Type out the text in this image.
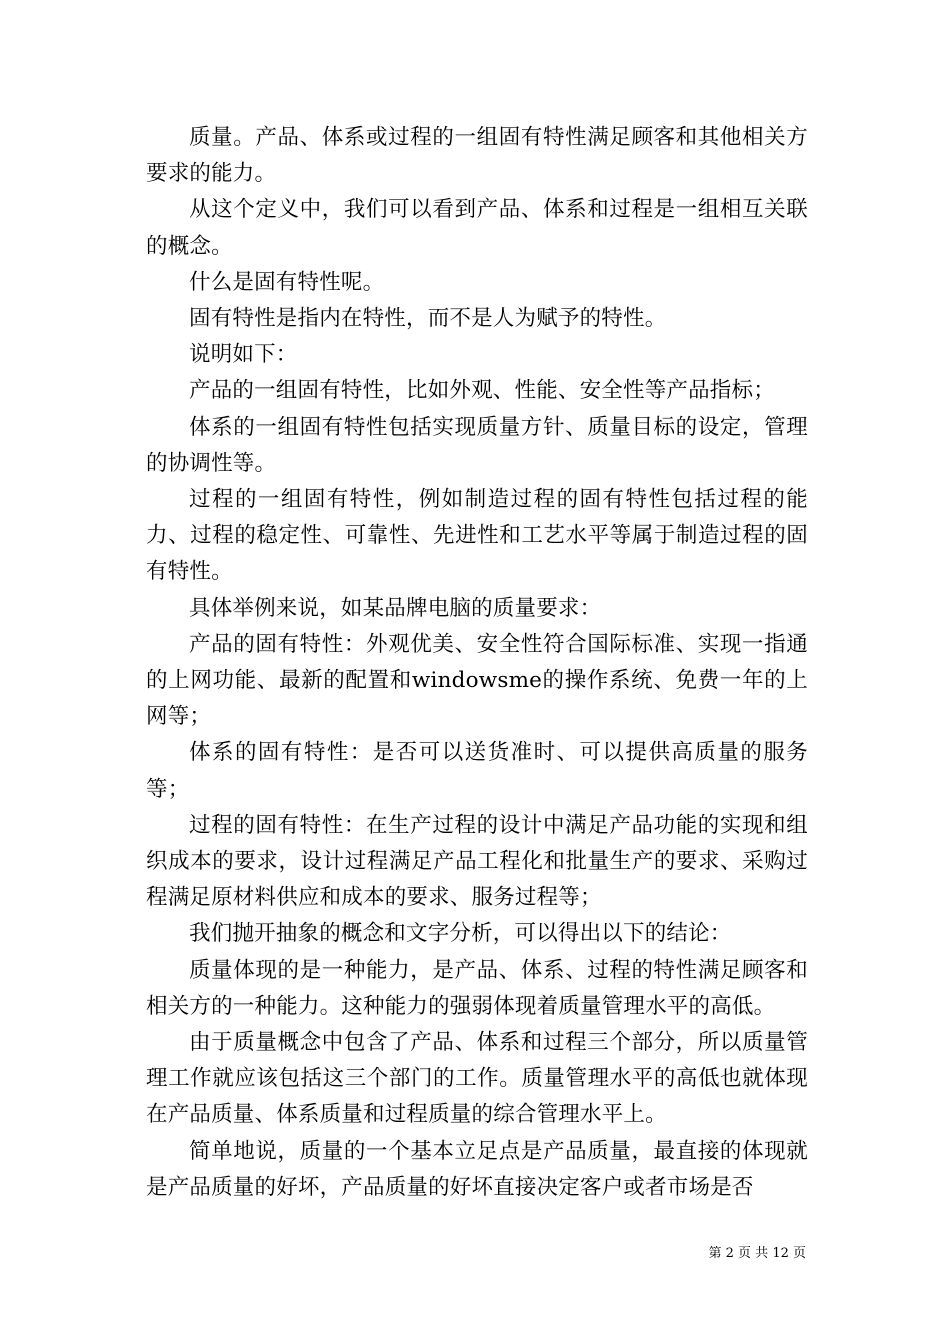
质量。产品、体系或过程的一组固有特性满足顾客和其他相关方要求的能力。

从这个定义中，我们可以看到产品、体系和过程是一组相互关联的概念。

什么是固有特性呢。

固有特性是指内在特性，而不是人为赋予的特性。

说明如下：

产品的一组固有特性，比如外观、性能、安全性等产品指标；

体系的一组固有特性包括实现质量方针、质量目标的设定，管理的协调性等。

过程的一组固有特性，例如制造过程的固有特性包括过程的能力、过程的稳定性、可靠性、先进性和工艺水平等属于制造过程的固有特性。

具体举例来说，如某品牌电脑的质量要求：

产品的固有特性：外观优美、安全性符合国际标准、实现一指通的上网功能、最新的配置和windowsme的操作系统、免费一年的上网等；

体系的固有特性：是否可以送货准时、可以提供高质量的服务等；

过程的固有特性：在生产过程的设计中满足产品功能的实现和组织成本的要求，设计过程满足产品工程化和批量生产的要求、采购过程满足原材料供应和成本的要求、服务过程等；

我们抛开抽象的概念和文字分析，可以得出以下的结论：

质量体现的是一种能力，是产品、体系、过程的特性满足顾客和相关方的一种能力。这种能力的强弱体现着质量管理水平的高低。

由于质量概念中包含了产品、体系和过程三个部分，所以质量管理工作就应该包括这三个部门的工作。质量管理水平的高低也就体现在产品质量、体系质量和过程质量的综合管理水平上。

简单地说，质量的一个基本立足点是产品质量，最直接的体现就是产品质量的好坏，产品质量的好坏直接决定客户或者市场是否

第 2 页 共 12 页
